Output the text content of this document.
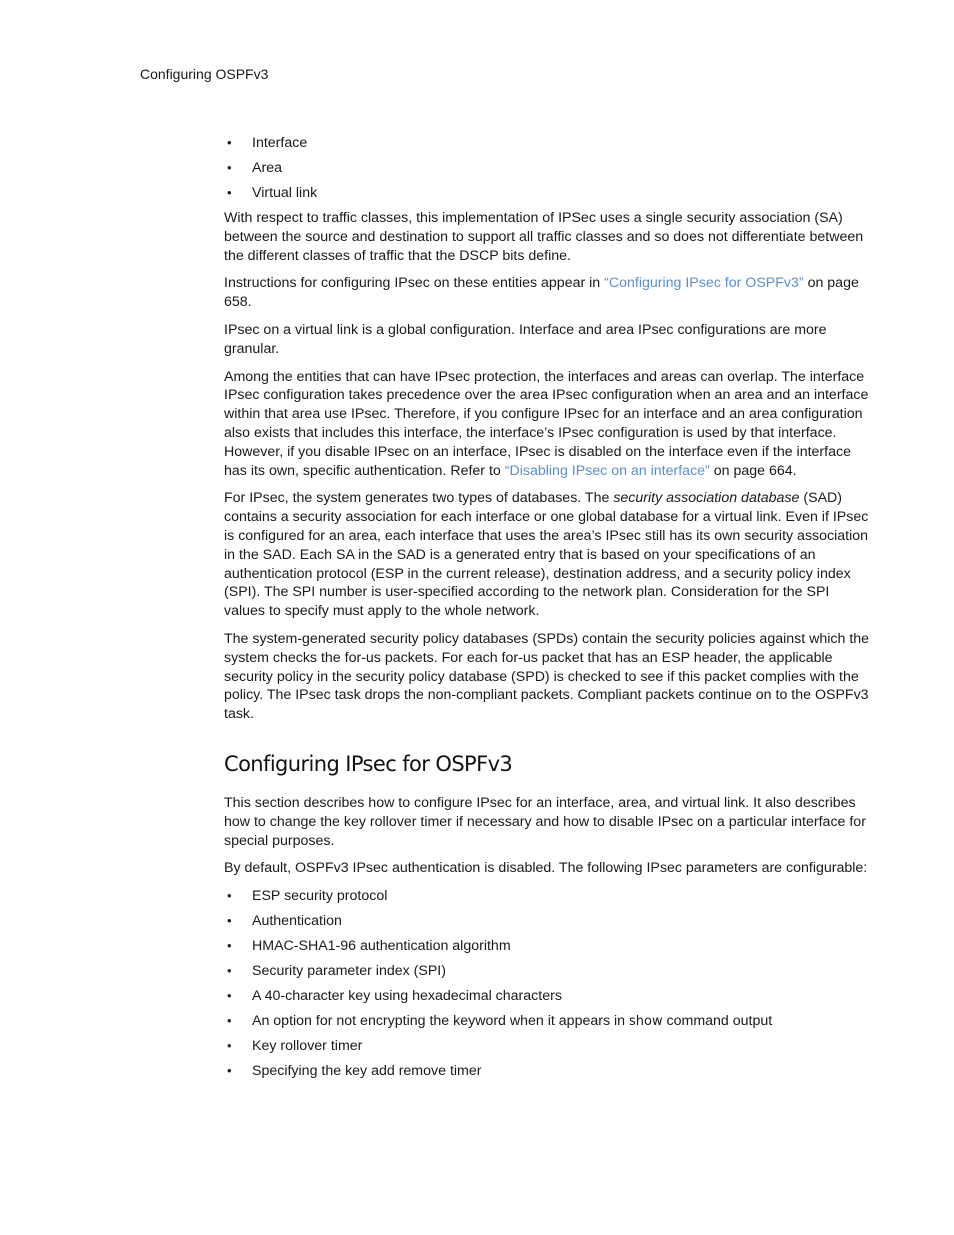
Configuring OSPFv3
• Interface
• Area
• Virtual link

With respect to traffic classes, this implementation of IPSec uses a single security association (SA) between the source and destination to support all traffic classes and so does not differentiate between the different classes of traffic that the DSCP bits define.

Instructions for configuring IPsec on these entities appear in “Configuring IPsec for OSPFv3” on page 658.

IPsec on a virtual link is a global configuration. Interface and area IPsec configurations are more granular.

Among the entities that can have IPsec protection, the interfaces and areas can overlap. The interface IPsec configuration takes precedence over the area IPsec configuration when an area and an interface within that area use IPsec. Therefore, if you configure IPsec for an interface and an area configuration also exists that includes this interface, the interface’s IPsec configuration is used by that interface. However, if you disable IPsec on an interface, IPsec is disabled on the interface even if the interface has its own, specific authentication. Refer to “Disabling IPsec on an interface” on page 664.

For IPsec, the system generates two types of databases. The security association database (SAD) contains a security association for each interface or one global database for a virtual link. Even if IPsec is configured for an area, each interface that uses the area’s IPsec still has its own security association in the SAD. Each SA in the SAD is a generated entry that is based on your specifications of an authentication protocol (ESP in the current release), destination address, and a security policy index (SPI). The SPI number is user-specified according to the network plan. Consideration for the SPI values to specify must apply to the whole network.

The system-generated security policy databases (SPDs) contain the security policies against which the system checks the for-us packets. For each for-us packet that has an ESP header, the applicable security policy in the security policy database (SPD) is checked to see if this packet complies with the policy. The IPsec task drops the non-compliant packets. Compliant packets continue on to the OSPFv3 task.

Configuring IPsec for OSPFv3

This section describes how to configure IPsec for an interface, area, and virtual link. It also describes how to change the key rollover timer if necessary and how to disable IPsec on a particular interface for special purposes.

By default, OSPFv3 IPsec authentication is disabled. The following IPsec parameters are configurable:

• ESP security protocol
• Authentication
• HMAC-SHA1-96 authentication algorithm
• Security parameter index (SPI)
• A 40-character key using hexadecimal characters
• An option for not encrypting the keyword when it appears in show command output
• Key rollover timer
• Specifying the key add remove timer
